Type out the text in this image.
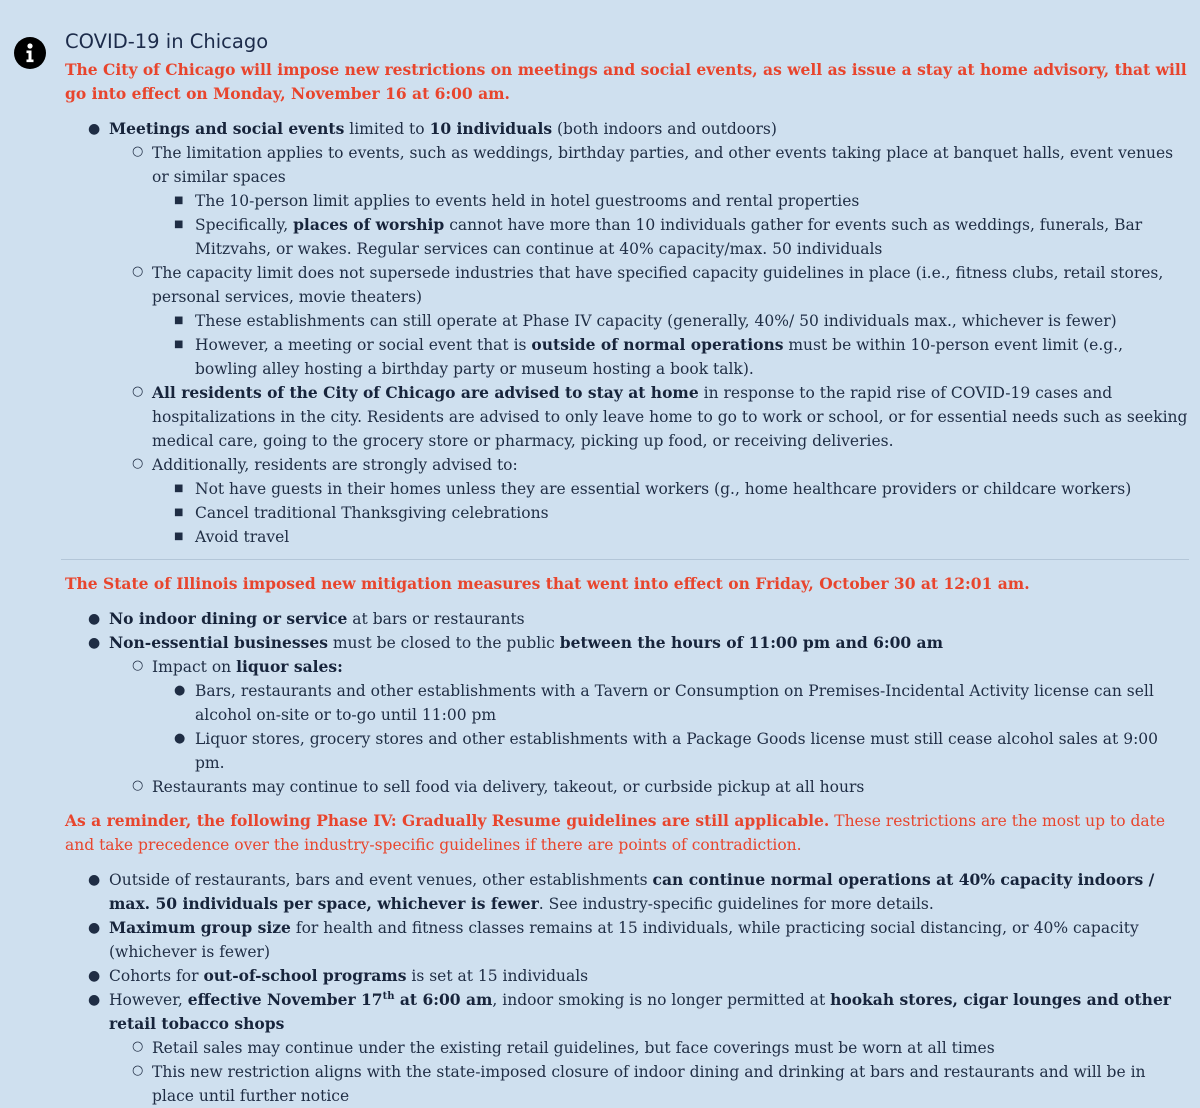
COVID-19 in Chicago

The City of Chicago will impose new restrictions on meetings and social events, as well as issue a stay at home advisory, that will go into effect on Monday, November 16 at 6:00 am.

● Meetings and social events limited to 10 individuals (both indoors and outdoors)
○ The limitation applies to events, such as weddings, birthday parties, and other events taking place at banquet halls, event venues or similar spaces
■ The 10-person limit applies to events held in hotel guestrooms and rental properties
■ Specifically, places of worship cannot have more than 10 individuals gather for events such as weddings, funerals, Bar Mitzvahs, or wakes. Regular services can continue at 40% capacity/max. 50 individuals
○ The capacity limit does not supersede industries that have specified capacity guidelines in place (i.e., fitness clubs, retail stores, personal services, movie theaters)
■ These establishments can still operate at Phase IV capacity (generally, 40%/ 50 individuals max., whichever is fewer)
■ However, a meeting or social event that is outside of normal operations must be within 10-person event limit (e.g., bowling alley hosting a birthday party or museum hosting a book talk).
○ All residents of the City of Chicago are advised to stay at home in response to the rapid rise of COVID-19 cases and hospitalizations in the city. Residents are advised to only leave home to go to work or school, or for essential needs such as seeking medical care, going to the grocery store or pharmacy, picking up food, or receiving deliveries.
○ Additionally, residents are strongly advised to:
■ Not have guests in their homes unless they are essential workers (g., home healthcare providers or childcare workers)
■ Cancel traditional Thanksgiving celebrations
■ Avoid travel

The State of Illinois imposed new mitigation measures that went into effect on Friday, October 30 at 12:01 am.

● No indoor dining or service at bars or restaurants
● Non-essential businesses must be closed to the public between the hours of 11:00 pm and 6:00 am
○ Impact on liquor sales:
● Bars, restaurants and other establishments with a Tavern or Consumption on Premises-Incidental Activity license can sell alcohol on-site or to-go until 11:00 pm
● Liquor stores, grocery stores and other establishments with a Package Goods license must still cease alcohol sales at 9:00 pm.
○ Restaurants may continue to sell food via delivery, takeout, or curbside pickup at all hours

As a reminder, the following Phase IV: Gradually Resume guidelines are still applicable. These restrictions are the most up to date and take precedence over the industry-specific guidelines if there are points of contradiction.

● Outside of restaurants, bars and event venues, other establishments can continue normal operations at 40% capacity indoors / max. 50 individuals per space, whichever is fewer. See industry-specific guidelines for more details.
● Maximum group size for health and fitness classes remains at 15 individuals, while practicing social distancing, or 40% capacity (whichever is fewer)
● Cohorts for out-of-school programs is set at 15 individuals
● However, effective November 17th at 6:00 am, indoor smoking is no longer permitted at hookah stores, cigar lounges and other retail tobacco shops
○ Retail sales may continue under the existing retail guidelines, but face coverings must be worn at all times
○ This new restriction aligns with the state-imposed closure of indoor dining and drinking at bars and restaurants and will be in place until further notice
